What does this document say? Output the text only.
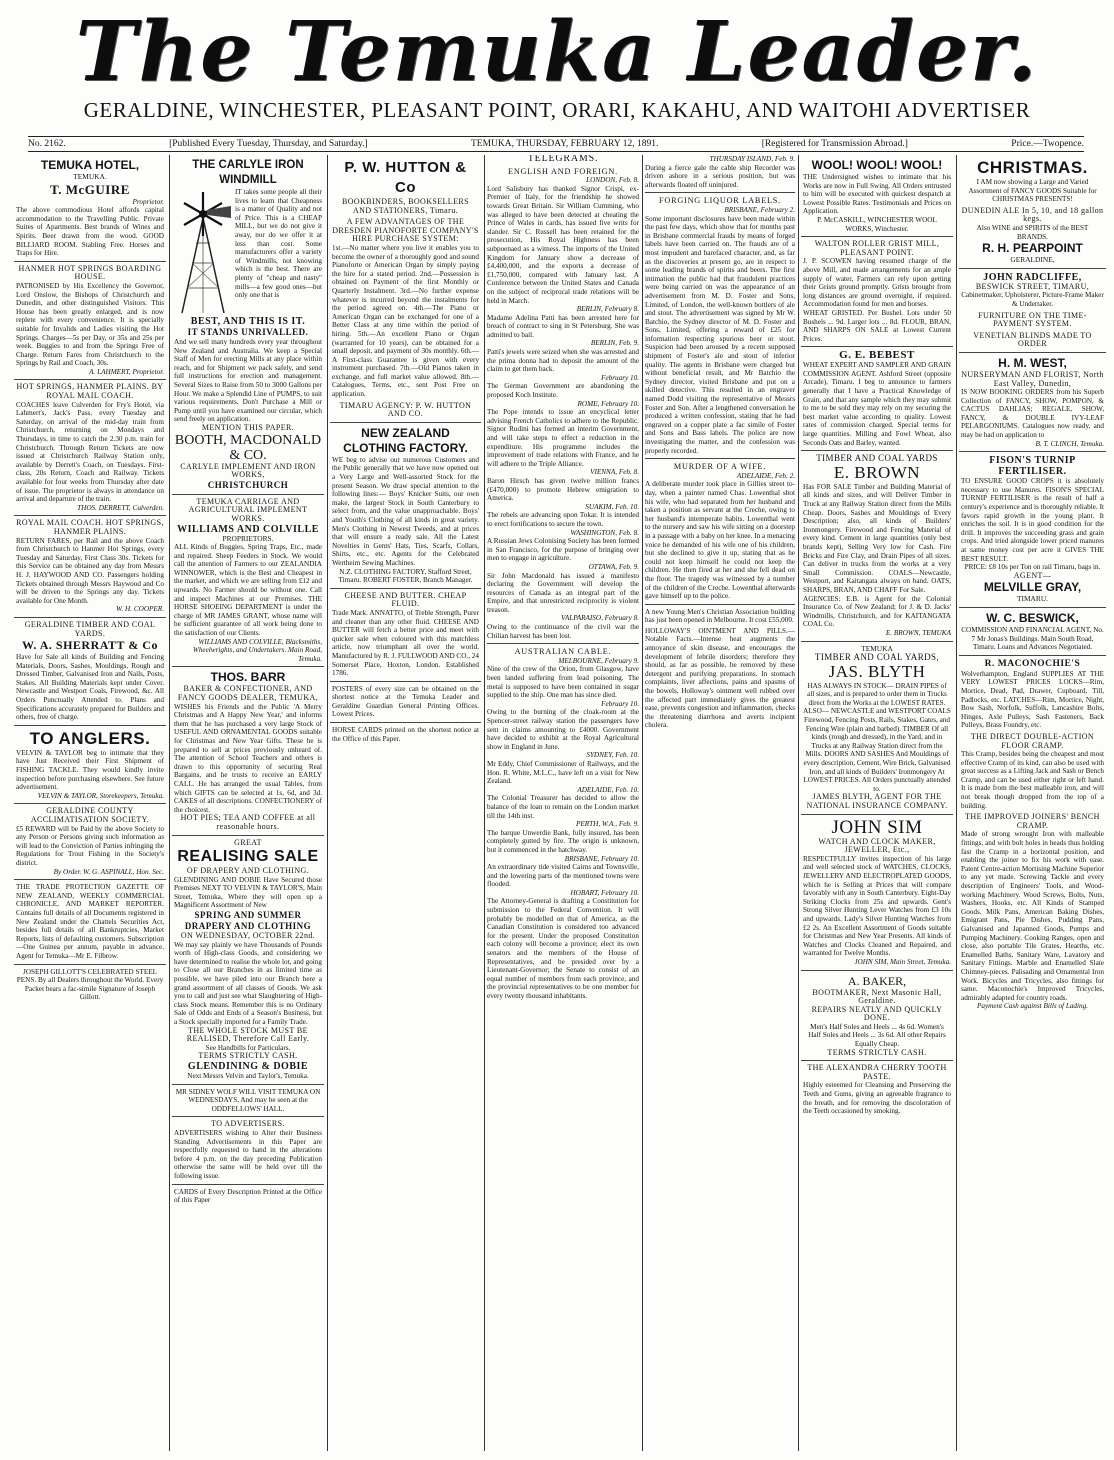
The Temuka Leader.
GERALDINE, WINCHESTER, PLEASANT POINT, ORARI, KAKAHU, AND WAITOHI ADVERTISER
No. 2162.	[Published Every Tuesday, Thursday, and Saturday.]	TEMUKA, THURSDAY, FEBRUARY 12, 1891.	[Registered for Transmission Abroad.]	Price.—Twopence.
TEMUKA HOTEL,
TEMUKA.
T. McGUIRE
Proprietor.
The above commodious Hotel affords capital accommodation to the Travelling Public. Private Suites of Apartments. Best brands of Wines and Spirits. Beer drawn from the wood. GOOD BILLIARD ROOM. Stabling Free. Horses and Traps for Hire.
HANMER HOT SPRINGS BOARDING HOUSE.
PATRONISED by His Excellency the Governor, Lord Onslow, the Bishops of Christchurch and Dunedin, and other distinguished Visitors. This House has been greatly enlarged, and is now replete with every convenience. It is specially suitable for Invalids and Ladies visiting the Hot Springs. Charges—5s per Day, or 35s and 25s per week. Buggies to and from the Springs Free of Charge. Return Fares from Christchurch to the Springs by Rail and Coach, 30s.
A. LAHMERT, Proprietor.
HOT SPRINGS, HANMER PLAINS. BY ROYAL MAIL COACH.
COACHES leave Culverden for Fry's Hotel, via Lahmert's, Jack's Pass, every Tuesday and Saturday, on arrival of the mid-day train from Christchurch, returning on Mondays and Thursdays, in time to catch the 2.30 p.m. train for Christchurch. Through Return Tickets are now issued at Christchurch Railway Station only, available by Derrett's Coach, on Tuesdays. First-class, 20s Return, Coach and Railway. Tickets available for four weeks from Thursday after date of issue. The proprietor is always in attendance on arrival and departure of the train.
THOS. DERRETT, Culverden.
ROYAL MAIL COACH. HOT SPRINGS, HANMER PLAINS.
RETURN FARES, per Rail and the above Coach from Christchurch to Hanmer Hot Springs, every Tuesday and Saturday, First Class 30s. Tickets for this Service can be obtained any day from Messrs H. J. HAYWOOD AND CO. Passengers holding Tickets obtained through Messrs Haywood and Co will be driven to the Springs any day. Tickets available for One Month.
W. H. COOPER.
GERALDINE TIMBER AND COAL YARDS.
W. A. SHERRATT & Co
Have for Sale all kinds of Building and Fencing Materials, Doors, Sashes, Mouldings, Rough and Dressed Timber, Galvanised Iron and Nails, Posts, Stakes. All Building Materials kept under Cover. Newcastle and Westport Coals, Firewood, &c. All Orders Punctually Attended to. Plans and Specifications accurately prepared for Builders and others, free of charge.
TO ANGLERS.
VELVIN & TAYLOR beg to intimate that they have Just Received their First Shipment of FISHING TACKLE. They would kindly invite inspection before purchasing elsewhere. See future advertisement.
VELVIN & TAYLOR, Storekeepers, Temuka.
GERALDINE COUNTY ACCLIMATISATION SOCIETY.
£5 REWARD will be Paid by the above Society to any Person or Persons giving such information as will lead to the Conviction of Parties infringing the Regulations for Trout Fishing in the Society's district.
By Order. W. G. ASPINALL, Hon. Sec.
THE TRADE PROTECTION GAZETTE OF NEW ZEALAND, WEEKLY COMMERCIAL CHRONICLE, AND MARKET REPORTER. Contains full details of all Documents registered in New Zealand under the Chattels Securities Act, besides full details of all Bankruptcies, Market Reports, lists of defaulting customers. Subscription—One Guinea per annum, payable in advance. Agent for Temuka—Mr E. Filbrow.
JOSEPH GILLOTT'S CELEBRATED STEEL PENS. By all Dealers throughout the World. Every Packet bears a fac-simile Signature of Joseph Gillott.
THE CARLYLE IRON WINDMILL
IT takes some people all their lives to learn that Cheapness is a matter of Quality and not of Price. This is a CHEAP MILL, but we do not give it away, nor do we offer it at less than cost. Some manufacturers offer a variety of Windmills, not knowing which is the best. There are plenty of "cheap and nasty" mills—a few good ones—but only one that is
BEST, AND THIS IS IT.
IT STANDS UNRIVALLED.
And we sell many hundreds every year throughout New Zealand and Australia. We keep a Special Staff of Men for erecting Mills at any place within reach, and for Shipment we pack safely, and send full instructions for erection and management. Several Sizes to Raise from 50 to 3000 Gallons per Hour. We make a Splendid Line of PUMPS, to suit various requirements. Don't Purchase a Mill or Pump until you have examined our circular, which send freely on application.
MENTION THIS PAPER.
BOOTH, MACDONALD & CO.
CARLYLE IMPLEMENT AND IRON WORKS,
CHRISTCHURCH
TEMUKA CARRIAGE AND AGRICULTURAL IMPLEMENT WORKS.
WILLIAMS AND COLVILLE
PROPRIETORS.
ALL Kinds of Buggies, Spring Traps, Etc., made and repaired. Sheep Feeders in Stock. We would call the attention of Farmers to our ZEALANDIA WINNOWER, which is the Best and Cheapest in the market, and which we are selling from £12 and upwards. No Farmer should be without one. Call and inspect Machines at our Premises. THE HORSE SHOEING DEPARTMENT is under the charge of MR JAMES GRANT, whose name will be sufficient guarantee of all work being done to the satisfaction of our Clients.
WILLIAMS AND COLVILLE, Blacksmiths, Wheelwrights, and Undertakers. Main Road, Temuka.
THOS. BARR
BAKER & CONFECTIONER, AND FANCY GOODS DEALER, TEMUKA,
WISHES his Friends and the Public 'A Merry Christmas and A Happy New Year,' and informs them that he has purchased a very large Stock of USEFUL AND ORNAMENTAL GOODS suitable for Christmas and New Year Gifts. These he is prepared to sell at prices previously unheard of. The attention of School Teachers and others is drawn to this opportunity of securing Real Bargains, and he trusts to receive an EARLY CALL. He has arranged the usual Tables, from which GIFTS can be selected at 1s, 6d, and 3d. CAKES of all descriptions. CONFECTIONERY of the choicest.
HOT PIES; TEA AND COFFEE at all reasonable hours.
GREAT
REALISING SALE
OF DRAPERY AND CLOTHING.
GLENDINING AND DOBIE Have Secured those Premises NEXT TO VELVIN & TAYLOR'S, Main Street, Temuka, Where they will open up a Magnificent Assortment of New
SPRING AND SUMMER DRAPERY AND CLOTHING
ON WEDNESDAY, OCTOBER 22nd.
We may say plainly we have Thousands of Pounds worth of High-class Goods, and considering we have determined to realise the whole lot, and going to Close all our Branches in as limited time as possible, we have piled into our Branch here a grand assortment of all classes of Goods. We ask you to call and just see what Slaughtering of High-class Stock means. Remember this is no Ordinary Sale of Odds and Ends of a Season's Business, but a Stock specially imported for a Family Trade.
THE WHOLE STOCK MUST BE REALISED, Therefore Call Early.
See Handbills for Particulars.
TERMS STRICTLY CASH.
GLENDINING & DOBIE
Next Messrs Velvin and Taylor's, Temuka.
MR SIDNEY WOLF WILL VISIT TEMUKA ON WEDNESDAYS, And may be seen at the ODDFELLOWS' HALL.
TO ADVERTISERS.
ADVERTISERS wishing to Alter their Business Standing Advertisements in this Paper are respectfully requested to hand in the alterations before 4 p.m. on the day preceding Publication otherwise the same will be held over till the following issue.
CARDS of Every Description Printed at the Office of this Paper
P. W. HUTTON & Co
BOOKBINDERS, BOOKSELLERS AND STATIONERS, Timaru.
A FEW ADVANTAGES OF THE DRESDEN PIANOFORTE COMPANY'S HIRE PURCHASE SYSTEM:
1st.—No matter where you live it enables you to become the owner of a thoroughly good and sound Pianoforte or American Organ by simply paying the hire for a stated period. 2nd.—Possession is obtained on Payment of the first Monthly or Quarterly Instalment. 3rd.—No further expense whatever is incurred beyond the instalments for the period agreed on. 4th.—The Piano or American Organ can be exchanged for one of a Better Class at any time within the period of hiring. 5th.—An excellent Piano or Organ (warranted for 10 years), can be obtained for a small deposit, and payment of 30s monthly. 6th.—A First-class Guarantee is given with every instrument purchased. 7th.—Old Pianos taken in exchange, and full market value allowed. 8th.—Catalogues, Terms, etc., sent Post Free on application.
TIMARU AGENCY: P. W. HUTTON AND CO.
NEW ZEALAND CLOTHING FACTORY.
WE beg to advise our numerous Customers and the Public generally that we have now opened out a Very Large and Well-assorted Stock for the present Season. We draw special attention to the following lines:— Boys' Knicker Suits, our own make, the largest Stock in South Canterbury to select from, and the value unapproachable. Boys' and Youth's Clothing of all kinds in great variety. Men's Clothing in Newest Tweeds, and at prices that will ensure a ready sale. All the Latest Novelties in Gents' Hats, Ties, Scarfs, Collars, Shirts, etc., etc. Agents for the Celebrated Wertheim Sewing Machines.
N.Z. CLOTHING FACTORY, Stafford Street, Timaru. ROBERT FOSTER, Branch Manager.
CHEESE AND BUTTER. CHEAP FLUID.
Trade Mark. ANNATTO, of Treble Strength, Purer and cleaner than any other fluid. CHEESE AND BUTTER will fetch a better price and meet with quicker sale when coloured with this matchless article, now triumphant all over the world. Manufactured by R. J. FULLWOOD AND CO., 24 Somerset Place, Hoxton, London. Established 1786.
POSTERS of every size can be obtained on the shortest notice at the Temuka Leader and Geraldine Guardian General Printing Offices. Lowest Prices.
HORSE CARDS printed on the shortest notice at the Office of this Paper.
TELEGRAMS.
ENGLISH AND FOREIGN.
LONDON, Feb. 8.
Lord Salisbury has thanked Signor Crispi, ex-Premier of Italy, for the friendship he showed towards Great Britain. Sir William Cumming, who was alleged to have been detected at cheating the Prince of Wales in cards, has issued five writs for slander. Sir C. Russell has been retained for the prosecution, His Royal Highness has been subpoenaed as a witness. The imports of the United Kingdom for January show a decrease of £4,400,000, and the exports a decrease of £1,750,000, compared with January last. A Conference between the United States and Canada on the subject of reciprocal trade relations will be held in March.
BERLIN, February 8.
Madame Adelina Patti has been arrested here for breach of contract to sing in St Petersburg. She was admitted to bail.
BERLIN, Feb. 9.
Patti's jewels were seized when she was arrested and the prima donna had to deposit the amount of the claim to get them back.
February 10.
The German Government are abandoning the proposed Koch Institute.
ROME, February 10.
The Pope intends to issue an encyclical letter advising French Catholics to adhere to the Republic. Signor Rudini has formed an interim Government, and will take steps to effect a reduction in the expenditure. His programme includes the improvement of trade relations with France, and he will adhere to the Triple Alliance.
VIENNA, Feb. 8.
Baron Hirsch has given twelve million francs (£470,000) to promote Hebrew emigration to America.
SUAKIM, Feb. 10.
The rebels are advancing upon Tokar. It is intended to erect fortifications to secure the town.
WASHINGTON, Feb. 8.
A Russian Jews Colonising Society has been formed in San Francisco, for the purpose of bringing over men to engage in agriculture.
OTTAWA, Feb. 9.
Sir John Macdonald has issued a manifesto declaring the Government will develop the resources of Canada as an integral part of the Empire, and that unrestricted reciprocity is violent treason.
VALPARAISO, February 8.
Owing to the continuance of the civil war the Chilian harvest has been lost.
AUSTRALIAN CABLE.
MELBOURNE, February 9.
Nine of the crew of the Orion, from Glasgow, have been landed suffering from lead poisoning. The metal is supposed to have been contained in sugar supplied to the ship. One man has since died.
February 10.
Owing to the burning of the cloak-room at the Spencer-street railway station the passengers have sent in claims amounting to £4000. Government have decided to exhibit at the Royal Agricultural show in England in June.
SYDNEY, Feb. 10.
Mr Eddy, Chief Commissioner of Railways, and the Hon. R. White, M.L.C., have left on a visit for New Zealand.
ADELAIDE, Feb. 10.
The Colonial Treasurer has decided to allow the balance of the loan to remain on the London market till the 14th inst.
PERTH, W.A., Feb. 9.
The barque Unwerdie Bank, fully insured, has been completely gutted by fire. The origin is unknown, but it commenced in the hatchway.
BRISBANE, February 10.
An extraordinary tide visited Cairns and Townsville, and the lowering parts of the mentioned towns were flooded.
HOBART, February 10.
The Attorney-General is drafting a Constitution for submission to the Federal Convention. It will probably be modelled on that of America, as the Canadian Constitution is considered too advanced for the present. Under the proposed Constitution each colony will become a province; elect its own senators and the members of the House of Representatives, and be presided over by a Lieutenant-Governor; the Senate to consist of an equal number of members from each province, and the provincial representatives to be one member for every twenty thousand inhabitants.
THURSDAY ISLAND, Feb. 9.
During a fierce gale the cable ship Recorder was driven ashore in a serious position, but was afterwards floated off uninjured.
FORGING LIQUOR LABELS.
BRISBANE, February 2.
Some important disclosures have been made within the past few days, which show that for months past in Brisbane commercial frauds by means of forged labels have been carried on. The frauds are of a most impudent and barefaced character, and, as far as the discoveries at present go, are in respect to some leading brands of spirits and beers. The first intimation the public had that fraudulent practices were being carried on was the appearance of an advertisement from M. D. Foster and Sons, Limited, of London, the well-known bottlers of ale and stout. The advertisement was signed by Mr W. Batchio, the Sydney director of M. D. Foster and Sons, Limited, offering a reward of £25 for information respecting spurious beer or stout. Suspicion had been aroused by a recent supposed shipment of Foster's ale and stout of inferior quality. The agents in Brisbane were charged but without beneficial result, and Mr Batchio the Sydney director, visited Brisbane and put on a skilled detective. This resulted in an engraver named Dodd visiting the representative of Messrs Foster and Son. After a lengthened conversation he produced a written confession, stating that he had engraved on a copper plate a fac simile of Foster and Sons and Bass labels. The police are now investigating the matter, and the confession was properly recorded.
MURDER OF A WIFE.
ADELAIDE, Feb. 2.
A deliberate murder took place in Gillies street to-day, when a painter named Chas. Lowenthal shot his wife, who had separated from her husband and taken a position as servant at the Creche, owing to her husband's intemperate habits. Lowenthal went to the nursery and saw his wife sitting on a doorstep in a passage with a baby on her knee. In a menacing voice he demanded of his wife one of his children, but she declined to give it up, stating that as he could not keep himself he could not keep the children. He then fired at her and she fell dead on the floor. The tragedy was witnessed by a number of the children of the Creche. Lowenthal afterwards gave himself up to the police.
A new Young Men's Christian Association building has just been opened in Melbourne. It cost £55,000.
HOLLOWAY'S OINTMENT AND PILLS.—Notable Facts.—Intense heat augments the annoyance of skin disease, and encourages the development of febrile disorders; therefore they should, as far as possible, be removed by these detergent and purifying preparations. In stomach complaints, liver affections, pains and spasms of the bowels, Holloway's ointment well rubbed over the affected part immediately gives the greatest ease, prevents congestion and inflammation, checks the threatening diarrhoea and averts incipient cholera.
WOOL! WOOL! WOOL!
THE Undersigned wishes to intimate that his Works are now in Full Swing. All Orders entrusted to him will be executed with quickest despatch at Lowest Possible Rates. Testimonials and Prices on Application.
P. McCASKILL, WINCHESTER WOOL WORKS, Winchester.
WALTON ROLLER GRIST MILL, PLEASANT POINT.
J. P. SCOWEN having resumed charge of the above Mill, and made arrangements for an ample supply of water, Farmers can rely upon getting their Grists ground promptly. Grists brought from long distances are ground overnight, if required. Accommodation found for men and horses.
WHEAT GRISTED. Per Bushel. Lots under 50 Bushels ... 9d. Larger lots ... 8d. FLOUR, BRAN, AND SHARPS ON SALE at Lowest Current Prices.
G. E. BEBEST
WHEAT EXPERT AND SAMPLER AND GRAIN COMMISSION AGENT. Ashford Street (opposite Arcade), Timaru. I beg to announce to farmers generally that I have a Practical Knowledge of Grain, and that any sample which they may submit to me to be sold they may rely on my securing the best market value according to quality. Lowest rates of commission charged. Special terms for large quantities. Milling and Fowl Wheat, also Seconds Oats and Barley, wanted.
TIMBER AND COAL YARDS
E. BROWN
Has FOR SALE Timber and Building Material of all kinds and sizes, and will Deliver Timber in Truck at any Railway Station direct from the Mills Cheap. Doors, Sashes and Mouldings of Every Description; also, all kinds of Builders' Ironmongery. Firewood and Fencing Material of every kind. Cement in large quantities (only best brands kept), Selling Very low for Cash. Fire Bricks and Fire Clay, and Drain Pipes of all sizes. Can deliver in trucks from the works at a very Small Commission. COALS—Newcastle, Westport, and Kaitangata always on hand. OATS, SHARPS, BRAN, AND CHAFF For Sale.
AGENCIES: E.B. is Agent for the Colonial Insurance Co. of New Zealand; for J. & D. Jacks' Windmills, Christchurch, and for KAITANGATA COAL Co.
E. BROWN, TEMUKA
TEMUKA
TIMBER AND COAL YARDS,
JAS. BLYTH
HAS ALWAYS IN STOCK— DRAIN PIPES of all sizes, and is prepared to order them in Trucks direct from the Works at the LOWEST RATES. ALSO— NEWCASTLE and WESTPORT COALS Firewood, Fencing Posts, Rails, Stakes, Gates, and Fencing Wire (plain and barbed). TIMBER Of all kinds (rough and dressed), in the Yard, and in Trucks at any Railway Station direct from the Mills. DOORS AND SASHES And Mouldings of every description, Cement, Wire Brick, Galvanised Iron, and all kinds of Builders' Ironmongery At LOWEST PRICES. All Orders punctually attended to.
JAMES BLYTH, AGENT FOR THE NATIONAL INSURANCE COMPANY.
JOHN SIM
WATCH AND CLOCK MAKER, JEWELLER, Etc.,
RESPECTFULLY invites inspection of his large and well selected stock of WATCHES, CLOCKS, JEWELLERY AND ELECTROPLATED GOODS, which he is Selling at Prices that will compare favorably with any in South Canterbury. Eight-Day Striking Clocks from 25s and upwards. Gent's Strong Silver Hunting Lever Watches from £3 10s and upwards. Lady's Silver Hunting Watches from £2 2s. An Excellent Assortment of Goods suitable for Christmas and New Year Presents. All kinds of Watches and Clocks Cleaned and Repaired, and warranted for Twelve Months.
JOHN SIM, Main Street, Temuka.
A. BAKER,
BOOTMAKER, Next Masonic Hall, Geraldine.
REPAIRS NEATLY AND QUICKLY DONE.
Men's Half Soles and Heels ... 4s 6d. Women's Half Soles and Heels ... 3s 6d. All other Repairs Equally Cheap.
TERMS STRICTLY CASH.
THE ALEXANDRA CHERRY TOOTH PASTE.
Highly esteemed for Cleansing and Preserving the Teeth and Gums, giving an agreeable fragrance to the breath, and for removing the discoloration of the Teeth occasioned by smoking.
CHRISTMAS.
I AM now showing a Large and Varied Assortment of FANCY GOODS Suitable for CHRISTMAS PRESENTS!
DUNEDIN ALE In 5, 10, and 18 gallon kegs.
Also WINE and SPIRITS of the BEST BRANDS.
R. H. PEARPOINT
GERALDINE,
JOHN RADCLIFFE,
BESWICK STREET, TIMARU,
Cabinetmaker, Upholsterer, Picture-Frame Maker & Undertaker.
FURNITURE ON THE TIME-PAYMENT SYSTEM.
VENETIAN BLINDS MADE TO ORDER
H. M. WEST,
NURSERYMAN AND FLORIST, North East Valley, Dunedin,
IS NOW BOOKING ORDERS from his Superb Collection of FANCY, SHOW, POMPON, & CACTUS DAHLIAS; REGALE, SHOW, FANCY, & DOUBLE IVY-LEAF PELARGONIUMS. Catalogues now ready, and may be had on application to
B. T. CLINCH, Temuka.
FISON'S TURNIP FERTILISER.
TO ENSURE GOOD CROPS it is absolutely necessary to use Manures. FISON'S SPECIAL TURNIP FERTILISER is the result of half a century's experience and is thoroughly reliable. It favors rapid growth in the young plant. It enriches the soil. It is in good condition for the drill. It improves the succeeding grass and grain crops. And tried alongside lower priced manures at same money cost per acre it GIVES THE BEST RESULT.
PRICE: £8 10s per Ton on rail Timaru, bags in.
AGENT—
MELVILLE GRAY,
TIMARU.
W. C. BESWICK,
COMMISSION AND FINANCIAL AGENT, No. 7 Mr Jonas's Buildings. Main South Road, Timaru. Loans and Advances Negotiated.
R. MACONOCHIE'S
Wolverhampton, England SUPPLIES AT THE VERY LOWEST PRICES LOCKS—Rim, Mortice, Dead, Pad, Drawer, Cupboard, Till, Padlocks, etc. LATCHES—Rim, Mortice, Night, Bow Sash, Norfolk, Suffolk, Lancashire Bolts, Hinges, Axle Pulleys, Sash Fasteners, Back Pulleys, Brass Foundry, etc.
THE DIRECT DOUBLE-ACTION FLOOR CRAMP.
This Cramp, besides being the cheapest and most effective Cramp of its kind, can also be used with great success as a Lifting Jack and Sash or Bench Cramp, and can be used either right or left hand. It is made from the best malleable iron, and will not break though dropped from the top of a building.
THE IMPROVED JOINERS' BENCH CRAMP.
Made of strong wrought Iron with malleable fittings, and with bolt holes in heads thus holding fast the Cramp in a horizontal position, and enabling the joiner to fix his work with ease. Patent Centre-action Mortising Machine Superior to any yet made. Screwing Tackle and every description of Engineers' Tools, and Wood-working Machinery. Wood Screws, Bolts, Nuts, Washers, Hooks, etc. All Kinds of Stamped Goods. Milk Pans, American Baking Dishes, Emigrant Pans, Pie Dishes, Pudding Pans, Galvanised and Japanned Goods, Pumps and Pumping Machinery. Cooking Ranges, open and close, also portable Tile Grates, Hearths, etc. Enamelled Baths, Sanitary Ware, Lavatory and Sanitary Fittings. Marble and Enamelled Slate Chimney-pieces. Palisading and Ornamental Iron Work. Bicycles and Tricycles, also fittings for same. Maconochie's Improved Tricycles, admirably adapted for country roads.
Payment Cash against Bills of Lading.
